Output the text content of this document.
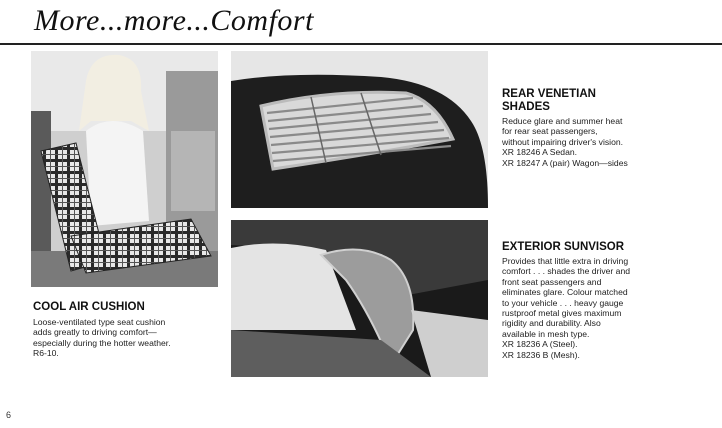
More...more...Comfort
COOL AIR CUSHION
Loose-ventilated type seat cushion
adds greatly to driving comfort—
especially during the hotter weather.
R6-10.
REAR VENETIAN
SHADES
Reduce glare and summer heat
for rear seat passengers,
without impairing driver's vision.
XR 18246 A Sedan.
XR 18247 A (pair) Wagon—sides
EXTERIOR SUNVISOR
Provides that little extra in driving
comfort . . . shades the driver and
front seat passengers and
eliminates glare. Colour matched
to your vehicle . . . heavy gauge
rustproof metal gives maximum
rigidity and durability. Also
available in mesh type.
XR 18236 A (Steel).
XR 18236 B (Mesh).
6
